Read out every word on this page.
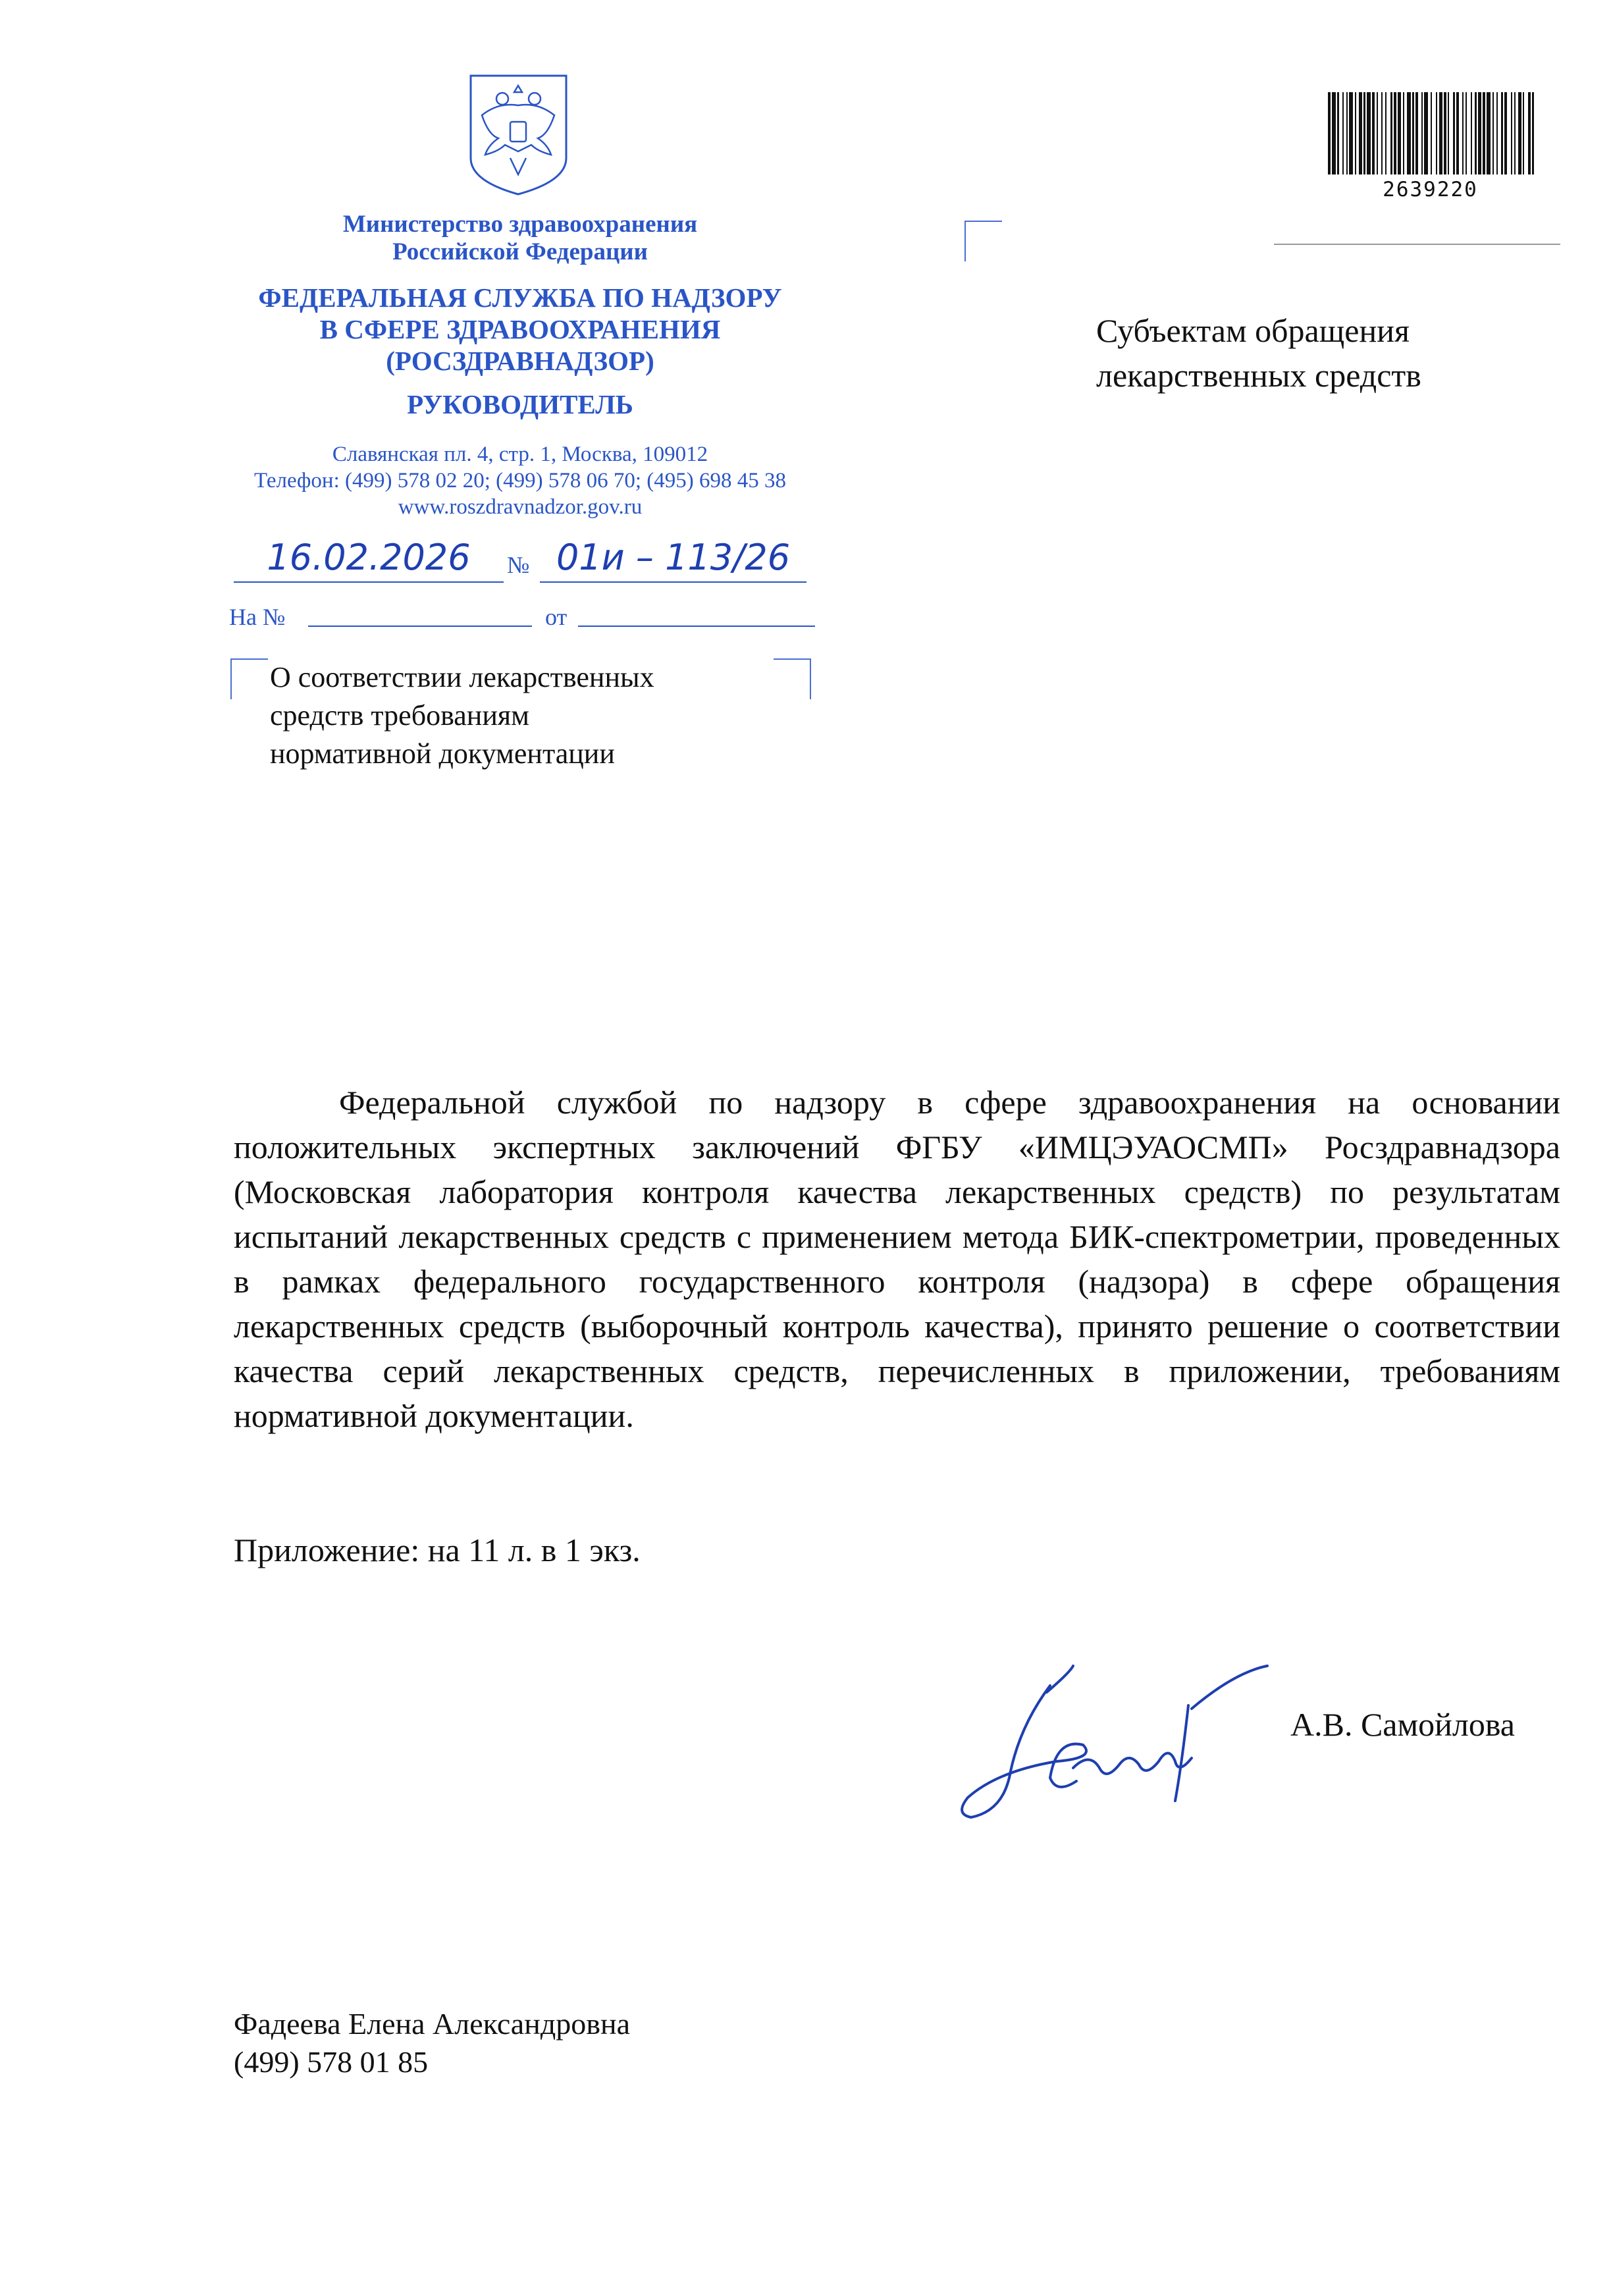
Министерство здравоохранения
Российской Федерации
ФЕДЕРАЛЬНАЯ СЛУЖБА ПО НАДЗОРУ
В СФЕРЕ ЗДРАВООХРАНЕНИЯ
(РОСЗДРАВНАДЗОР)
РУКОВОДИТЕЛЬ
Славянская пл. 4, стр. 1, Москва, 109012
Телефон: (499) 578 02 20; (499) 578 06 70; (495) 698 45 38
www.roszdravnadzor.gov.ru
2639220
16.02.2026	№ 01и – 113/26
На №	от
О соответствии лекарственных
средств требованиям
нормативной документации
Субъектам обращения
лекарственных средств
Федеральной службой по надзору в сфере здравоохранения на основании положительных экспертных заключений ФГБУ «ИМЦЭУАОСМП» Росздравнадзора (Московская лаборатория контроля качества лекарственных средств) по результатам испытаний лекарственных средств с применением метода БИК-спектрометрии, проведенных в рамках федерального государственного контроля (надзора) в сфере обращения лекарственных средств (выборочный контроль качества), принято решение о соответствии качества серий лекарственных средств, перечисленных в приложении, требованиям нормативной документации.
Приложение: на 11 л. в 1 экз.
А.В. Самойлова
Фадеева Елена Александровна
(499) 578 01 85
